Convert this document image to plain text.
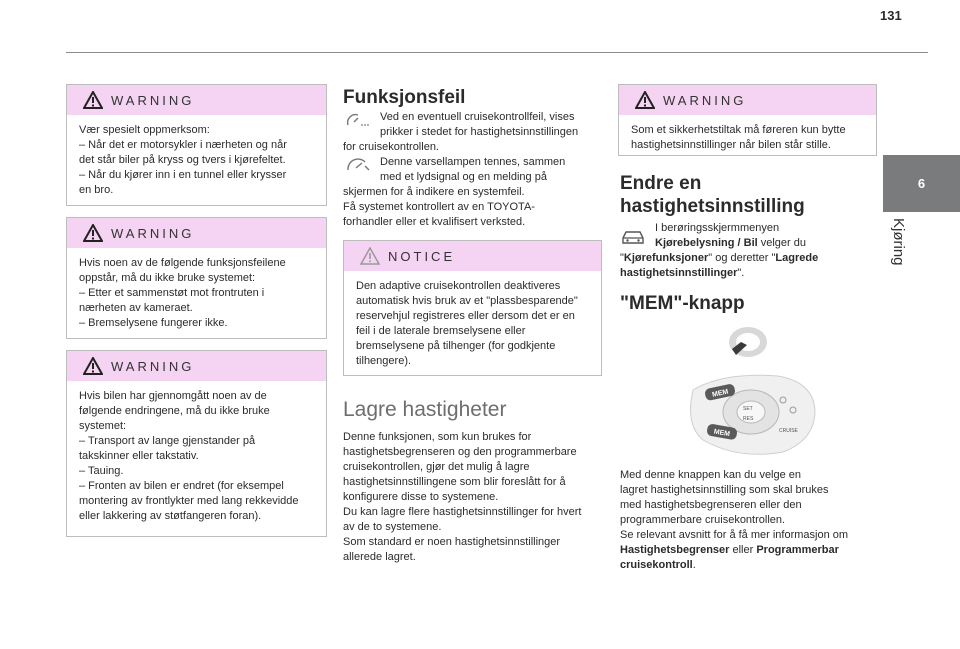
131
6
Kjøring
WARNING

Vær spesielt oppmerksom:

– Når det er motorsykler i nærheten og når

det står biler på kryss og tvers i kjørefeltet.

– Når du kjører inn i en tunnel eller krysser

en bro.

WARNING

Hvis noen av de følgende funksjonsfeilene

oppstår, må du ikke bruke systemet:

– Etter et sammenstøt mot frontruten i

nærheten av kameraet.

– Bremselysene fungerer ikke.

WARNING

Hvis bilen har gjennomgått noen av de

følgende endringene, må du ikke bruke

systemet:

– Transport av lange gjenstander på

takskinner eller takstativ.

– Tauing.

– Fronten av bilen er endret (for eksempel

montering av frontlykter med lang rekkevidde

eller lakkering av støtfangeren foran).

Funksjonsfeil

Ved en eventuell cruisekontrollfeil, vises

prikker i stedet for hastighetsinnstillingen

for cruisekontrollen.

Denne varsellampen tennes, sammen

med et lydsignal og en melding på

skjermen for å indikere en systemfeil.

Få systemet kontrollert av en TOYOTA-

forhandler eller et kvalifisert verksted.

NOTICE

Den adaptive cruisekontrollen deaktiveres

automatisk hvis bruk av et "plassbesparende"

reservehjul registreres eller dersom det er en

feil i de laterale bremselysene eller

bremselysene på tilhenger (for godkjente

tilhengere).

Lagre hastigheter

Denne funksjonen, som kun brukes for

hastighetsbegrenseren og den programmerbare

cruisekontrollen, gjør det mulig å lagre

hastighetsinnstillingene som blir foreslått for å

konfigurere disse to systemene.

Du kan lagre flere hastighetsinnstillinger for hvert

av de to systemene.

Som standard er noen hastighetsinnstillinger

allerede lagret.

WARNING

Som et sikkerhetstiltak må føreren kun bytte

hastighetsinnstillinger når bilen står stille.

Endre en
hastighetsinnstilling

I berøringsskjermmenyen

Kjørebelysning / Bil velger du

"Kjørefunksjoner" og deretter "Lagrede

hastighetsinnstillinger".

"MEM"-knapp
MEM
MEM
SET
RES
CRUISE

Med denne knappen kan du velge en

lagret hastighetsinnstilling som skal brukes

med hastighetsbegrenseren eller den

programmerbare cruisekontrollen.

Se relevant avsnitt for å få mer informasjon om

Hastighetsbegrenser eller Programmerbar

cruisekontroll.
